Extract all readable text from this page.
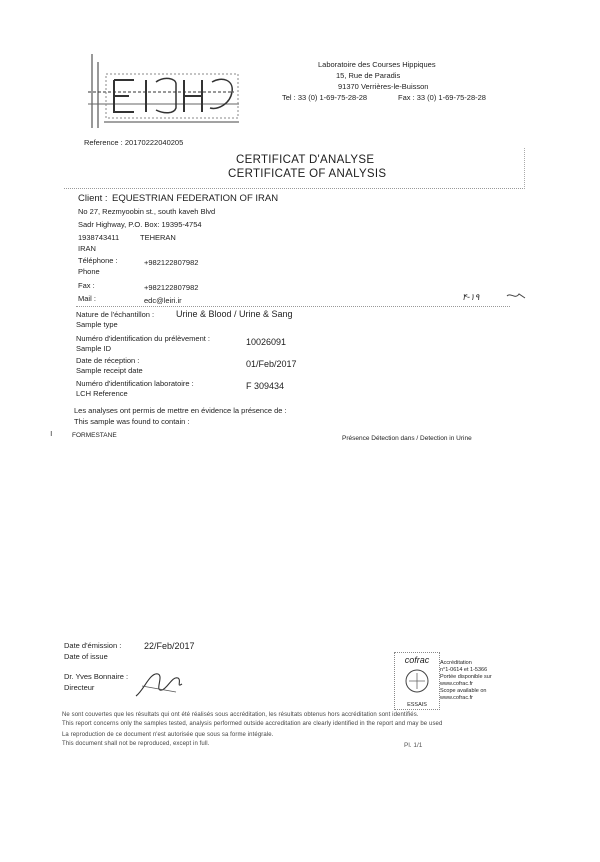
Laboratoire des Courses Hippiques
15, Rue de Paradis
91370 Verrières-le-Buisson
Tel : 33 (0) 1-69-75-28-28	Fax : 33 (0) 1-69-75-28-28
Reference : 20170222040205
CERTIFICAT D'ANALYSE
CERTIFICATE OF ANALYSIS
Client : EQUESTRIAN FEDERATION OF IRAN
No 27, Rezmyoobin st., south kaveh Blvd
Sadr Highway, P.O. Box: 19395-4754
1938743411	TEHERAN
IRAN
Téléphone :
Phone
+982122807982
Fax :	+982122807982
Mail :	edc@leiri.ir	۴-۱۹
Nature de l'échantillon :
Sample type
Urine & Blood / Urine & Sang
Numéro d'identification du prélèvement :
Sample ID
10026091
Date de réception :
Sample receipt date
01/Feb/2017
Numéro d'identification laboratoire :
LCH Reference
F 309434
Les analyses ont permis de mettre en évidence la présence de :
This sample was found to contain :
ı	FORMESTANE	Présence Détection dans / Detection in Urine
Date d'émission :
Date of issue
22/Feb/2017
Dr. Yves Bonnaire :
Directeur
cofrac
ESSAIS
Accréditation
n°1-0614 et 1-5366
Portée disponible sur
www.cofrac.fr
Scope available on
www.cofrac.fr
Ne sont couvertes que les résultats qui ont été réalisés sous accréditation, les résultats obtenus hors accréditation sont identifiés.
This report concerns only the samples tested, analysis performed outside accreditation are clearly identified in the report and may be used
La reproduction de ce document n'est autorisée que sous sa forme intégrale.
This document shall not be reproduced, except in full.	Pl. 1/1
